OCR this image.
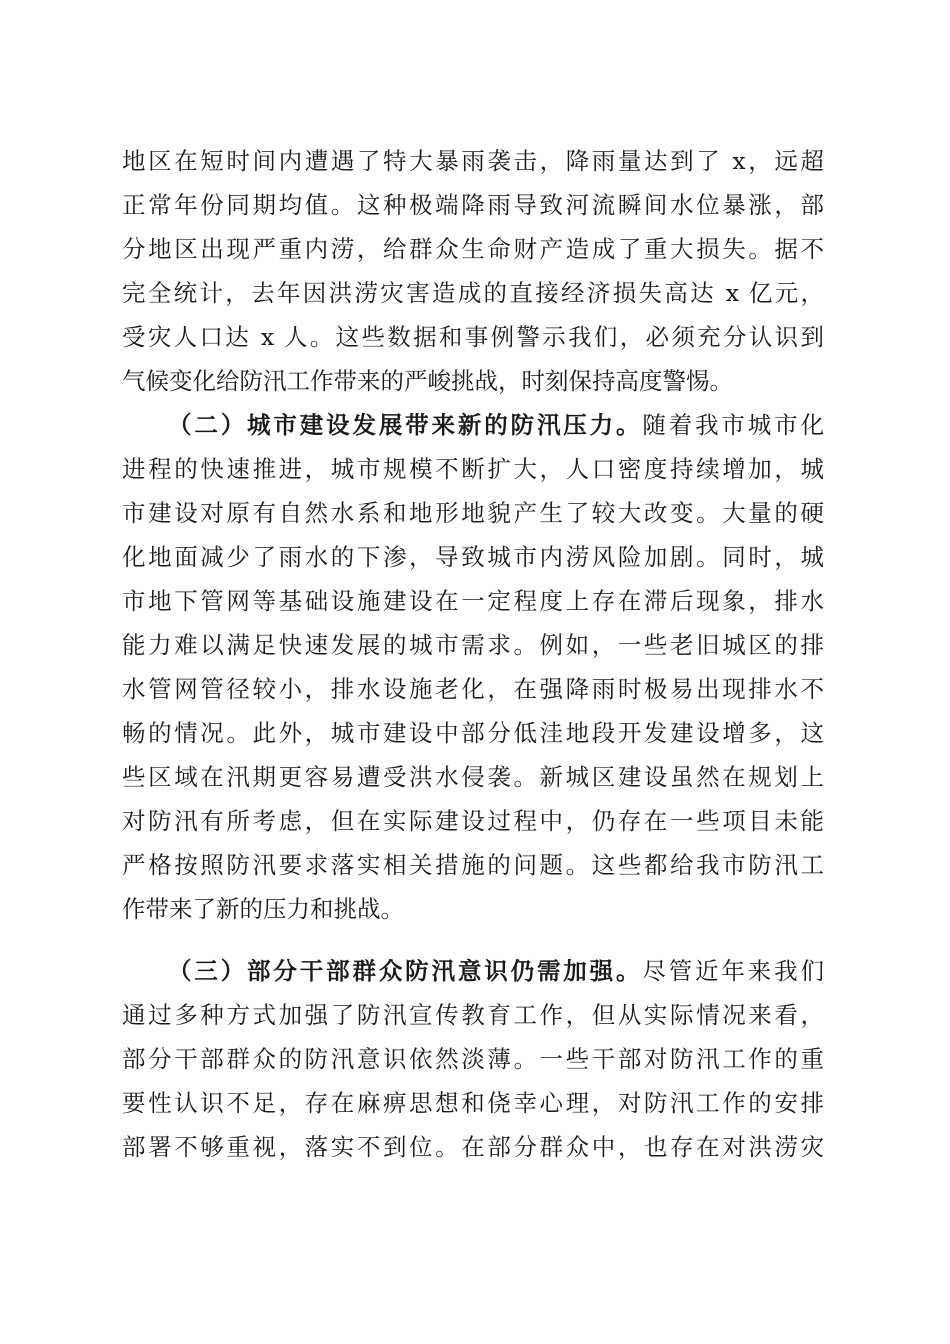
地区在短时间内遭遇了特大暴雨袭击，降雨量达到了 x，远超
正常年份同期均值。这种极端降雨导致河流瞬间水位暴涨，部
分地区出现严重内涝，给群众生命财产造成了重大损失。据不
完全统计，去年因洪涝灾害造成的直接经济损失高达 x 亿元，
受灾人口达 x 人。这些数据和事例警示我们，必须充分认识到
气候变化给防汛工作带来的严峻挑战，时刻保持高度警惕。
（二）城市建设发展带来新的防汛压力。随着我市城市化
进程的快速推进，城市规模不断扩大，人口密度持续增加，城
市建设对原有自然水系和地形地貌产生了较大改变。大量的硬
化地面减少了雨水的下渗，导致城市内涝风险加剧。同时，城
市地下管网等基础设施建设在一定程度上存在滞后现象，排水
能力难以满足快速发展的城市需求。例如，一些老旧城区的排
水管网管径较小，排水设施老化，在强降雨时极易出现排水不
畅的情况。此外，城市建设中部分低洼地段开发建设增多，这
些区域在汛期更容易遭受洪水侵袭。新城区建设虽然在规划上
对防汛有所考虑，但在实际建设过程中，仍存在一些项目未能
严格按照防汛要求落实相关措施的问题。这些都给我市防汛工
作带来了新的压力和挑战。
（三）部分干部群众防汛意识仍需加强。尽管近年来我们
通过多种方式加强了防汛宣传教育工作，但从实际情况来看，
部分干部群众的防汛意识依然淡薄。一些干部对防汛工作的重
要性认识不足，存在麻痹思想和侥幸心理，对防汛工作的安排
部署不够重视，落实不到位。在部分群众中，也存在对洪涝灾
